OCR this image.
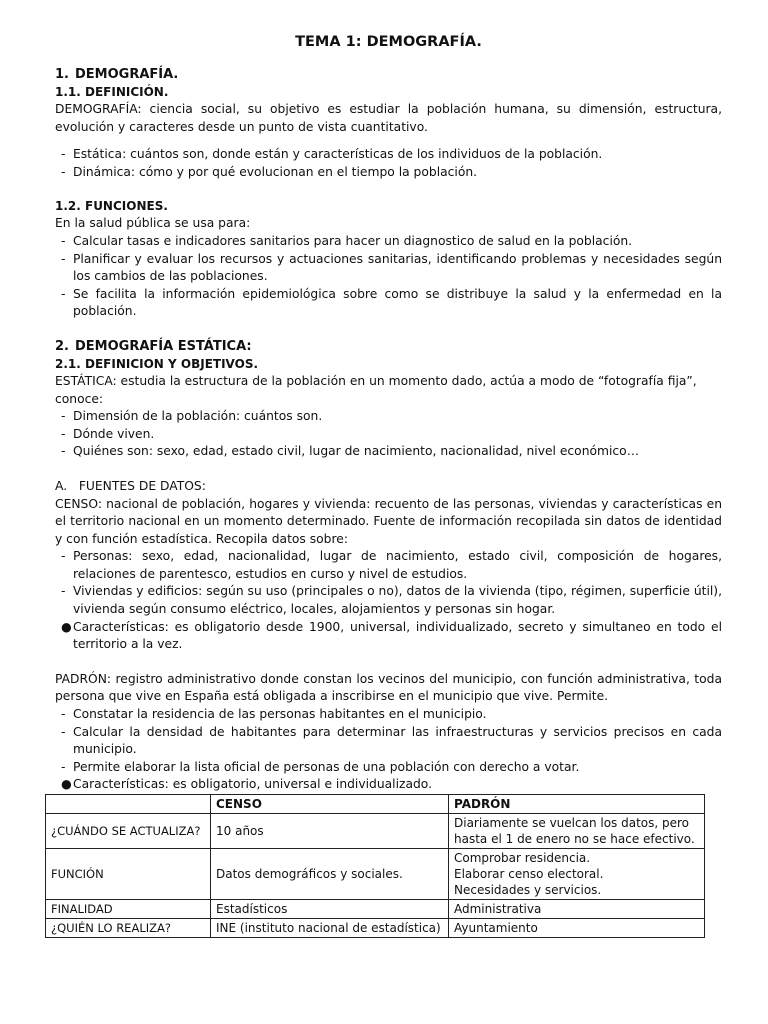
TEMA 1: DEMOGRAFÍA.
1. DEMOGRAFÍA.
1.1. DEFINICIÓN.

DEMOGRAFÍA: ciencia social, su objetivo es estudiar la población humana, su dimensión, estructura, evolución y caracteres desde un punto de vista cuantitativo.

- Estática: cuántos son, donde están y características de los individuos de la población.
- Dinámica: cómo y por qué evolucionan en el tiempo la población.
1.2. FUNCIONES.

En la salud pública se usa para:

- Calcular tasas e indicadores sanitarios para hacer un diagnostico de salud en la población.
- Planificar y evaluar los recursos y actuaciones sanitarias, identificando problemas y necesidades según los cambios de las poblaciones.
- Se facilita la información epidemiológica sobre como se distribuye la salud y la enfermedad en la población.
2. DEMOGRAFÍA ESTÁTICA:
2.1. DEFINICION Y OBJETIVOS.

ESTÁTICA: estudia la estructura de la población en un momento dado, actúa a modo de “fotografía fija”, conoce:

- Dimensión de la población: cuántos son.
- Dónde viven.
- Quiénes son: sexo, edad, estado civil, lugar de nacimiento, nacionalidad, nivel económico…

A. FUENTES DE DATOS:

CENSO: nacional de población, hogares y vivienda: recuento de las personas, viviendas y características en el territorio nacional en un momento determinado. Fuente de información recopilada sin datos de identidad y con función estadística. Recopila datos sobre:

- Personas: sexo, edad, nacionalidad, lugar de nacimiento, estado civil, composición de hogares, relaciones de parentesco, estudios en curso y nivel de estudios.
- Viviendas y edificios: según su uso (principales o no), datos de la vivienda (tipo, régimen, superficie útil), vivienda según consumo eléctrico, locales, alojamientos y personas sin hogar.
● Características: es obligatorio desde 1900, universal, individualizado, secreto y simultaneo en todo el territorio a la vez.

PADRÓN: registro administrativo donde constan los vecinos del municipio, con función administrativa, toda persona que vive en España está obligada a inscribirse en el municipio que vive. Permite.

- Constatar la residencia de las personas habitantes en el municipio.
- Calcular la densidad de habitantes para determinar las infraestructuras y servicios precisos en cada municipio.
- Permite elaborar la lista oficial de personas de una población con derecho a votar.
● Características: es obligatorio, universal e individualizado.
	CENSO	PADRÓN
¿CUÁNDO SE ACTUALIZA?	10 años	Diariamente se vuelcan los datos, pero hasta el 1 de enero no se hace efectivo.
FUNCIÓN	Datos demográficos y sociales.	Comprobar residencia.
Elaborar censo electoral.
Necesidades y servicios.

FINALIDAD	Estadísticos	Administrativa
¿QUIÉN LO REALIZA?	INE (instituto nacional de estadística)	Ayuntamiento
